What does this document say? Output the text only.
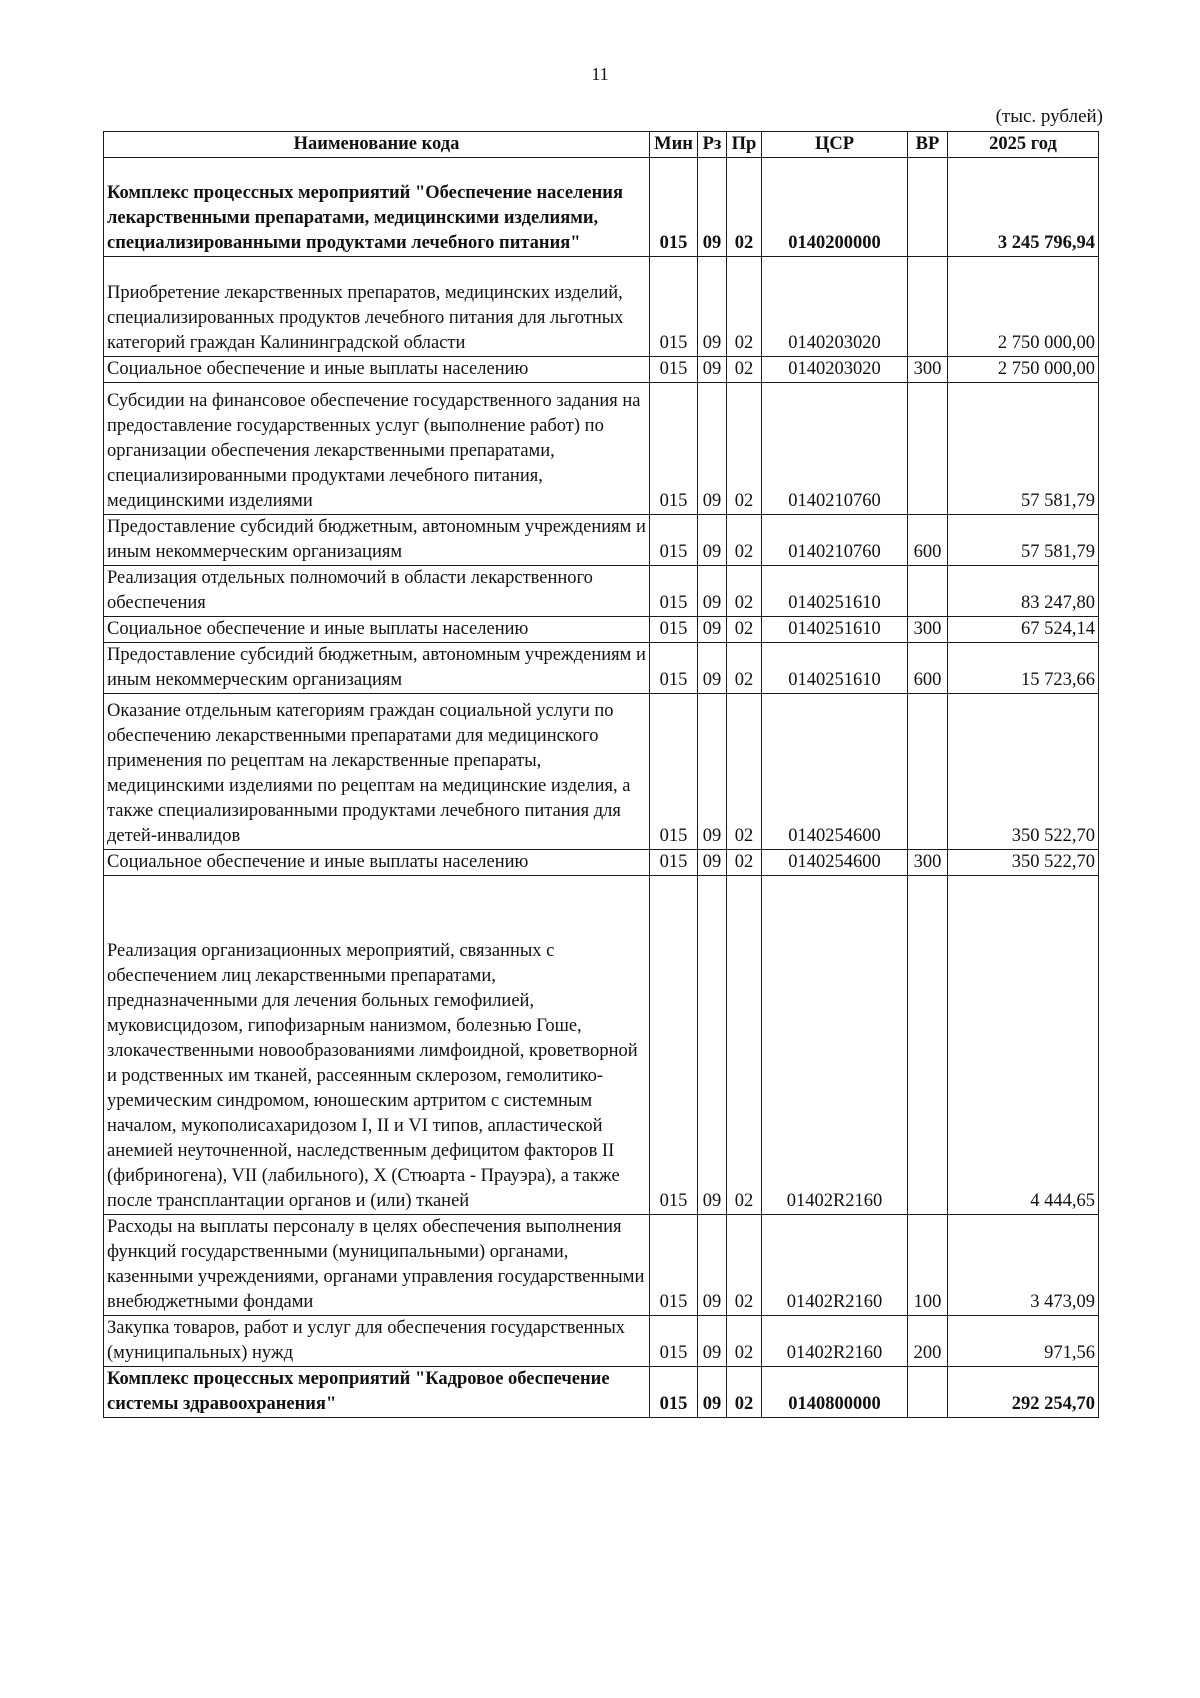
11
(тыс. рублей)
Наименование кода	Мин	Рз	Пр	ЦСР	ВР	2025 год
Комплекс процессных мероприятий "Обеспечение населения лекарственными препаратами, медицинскими изделиями, специализированными продуктами лечебного питания"	015	09	02	0140200000		3 245 796,94
Приобретение лекарственных препаратов, медицинских изделий, специализированных продуктов лечебного питания для льготных категорий граждан Калининградской области	015	09	02	0140203020		2 750 000,00
Социальное обеспечение и иные выплаты населению	015	09	02	0140203020	300	2 750 000,00
Субсидии на финансовое обеспечение государственного задания на предоставление государственных услуг (выполнение работ) по организации обеспечения лекарственными препаратами, специализированными продуктами лечебного питания, медицинскими изделиями	015	09	02	0140210760		57 581,79
Предоставление субсидий бюджетным, автономным учреждениям и иным некоммерческим организациям	015	09	02	0140210760	600	57 581,79
Реализация отдельных полномочий в области лекарственного обеспечения	015	09	02	0140251610		83 247,80
Социальное обеспечение и иные выплаты населению	015	09	02	0140251610	300	67 524,14
Предоставление субсидий бюджетным, автономным учреждениям и иным некоммерческим организациям	015	09	02	0140251610	600	15 723,66
Оказание отдельным категориям граждан социальной услуги по обеспечению лекарственными препаратами для медицинского применения по рецептам на лекарственные препараты, медицинскими изделиями по рецептам на медицинские изделия, а также специализированными продуктами лечебного питания для детей-инвалидов	015	09	02	0140254600		350 522,70
Социальное обеспечение и иные выплаты населению	015	09	02	0140254600	300	350 522,70
Реализация организационных мероприятий, связанных с обеспечением лиц лекарственными препаратами, предназначенными для лечения больных гемофилией, муковисцидозом, гипофизарным нанизмом, болезнью Гоше, злокачественными новообразованиями лимфоидной, кроветворной и родственных им тканей, рассеянным склерозом, гемолитико-уремическим синдромом, юношеским артритом с системным началом, мукополисахаридозом I, II и VI типов, апластической анемией неуточненной, наследственным дефицитом факторов II (фибриногена), VII (лабильного), X (Стюарта - Прауэра), а также после трансплантации органов и (или) тканей	015	09	02	01402R2160		4 444,65
Расходы на выплаты персоналу в целях обеспечения выполнения функций государственными (муниципальными) органами, казенными учреждениями, органами управления государственными внебюджетными фондами	015	09	02	01402R2160	100	3 473,09
Закупка товаров, работ и услуг для обеспечения государственных (муниципальных) нужд	015	09	02	01402R2160	200	971,56
Комплекс процессных мероприятий "Кадровое обеспечение системы здравоохранения"	015	09	02	0140800000		292 254,70
